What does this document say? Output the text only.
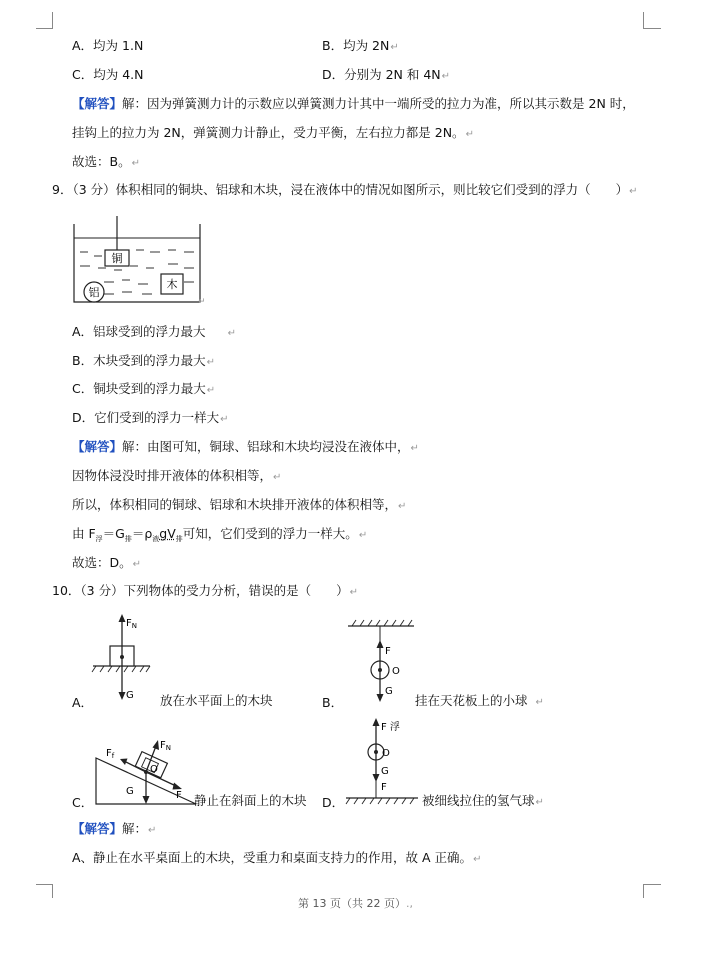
A．均为 1.N	B．均为 2N↵
C．均为 4.N	D．分别为 2N 和 4N↵
【解答】解：因为弹簧测力计的示数应以弹簧测力计其中一端所受的拉力为准，所以其示数是 2N 时，
挂钩上的拉力为 2N，弹簧测力计静止，受力平衡，左右拉力都是 2N。↵
故选：B。↵
9．（3 分）体积相同的铜块、铝球和木块，浸在液体中的情况如图所示，则比较它们受到的浮力（　　）↵
铜
铝
木
↵
A．铝球受到的浮力最大 ↵
B．木块受到的浮力最大↵
C．铜块受到的浮力最大↵
D．它们受到的浮力一样大↵
【解答】解：由图可知，铜球、铝球和木块均浸没在液体中，↵
因物体浸没时排开液体的体积相等，↵
所以，体积相同的铜球、铝球和木块排开液体的体积相等，↵
由 $F_浮=G_排=\rho_液gV_排$可知，它们受到的浮力一样大。↵
故选：D。↵
10．（3 分）下列物体的受力分析，错误的是（　　）↵
$F_N$
G
A．	放在水平面上的木块
F
O
G
B．	挂在天花板上的小球 ↵
$F_f$
$F_N$
O
G	F
C．	静止在斜面上的木块
F 浮
O
G
F
D．	被细线拉住的氢气球↵
【解答】解：↵
A、静止在水平桌面上的木块，受重力和桌面支持力的作用，故 A 正确。↵
第 13 页（共 22 页）.,
